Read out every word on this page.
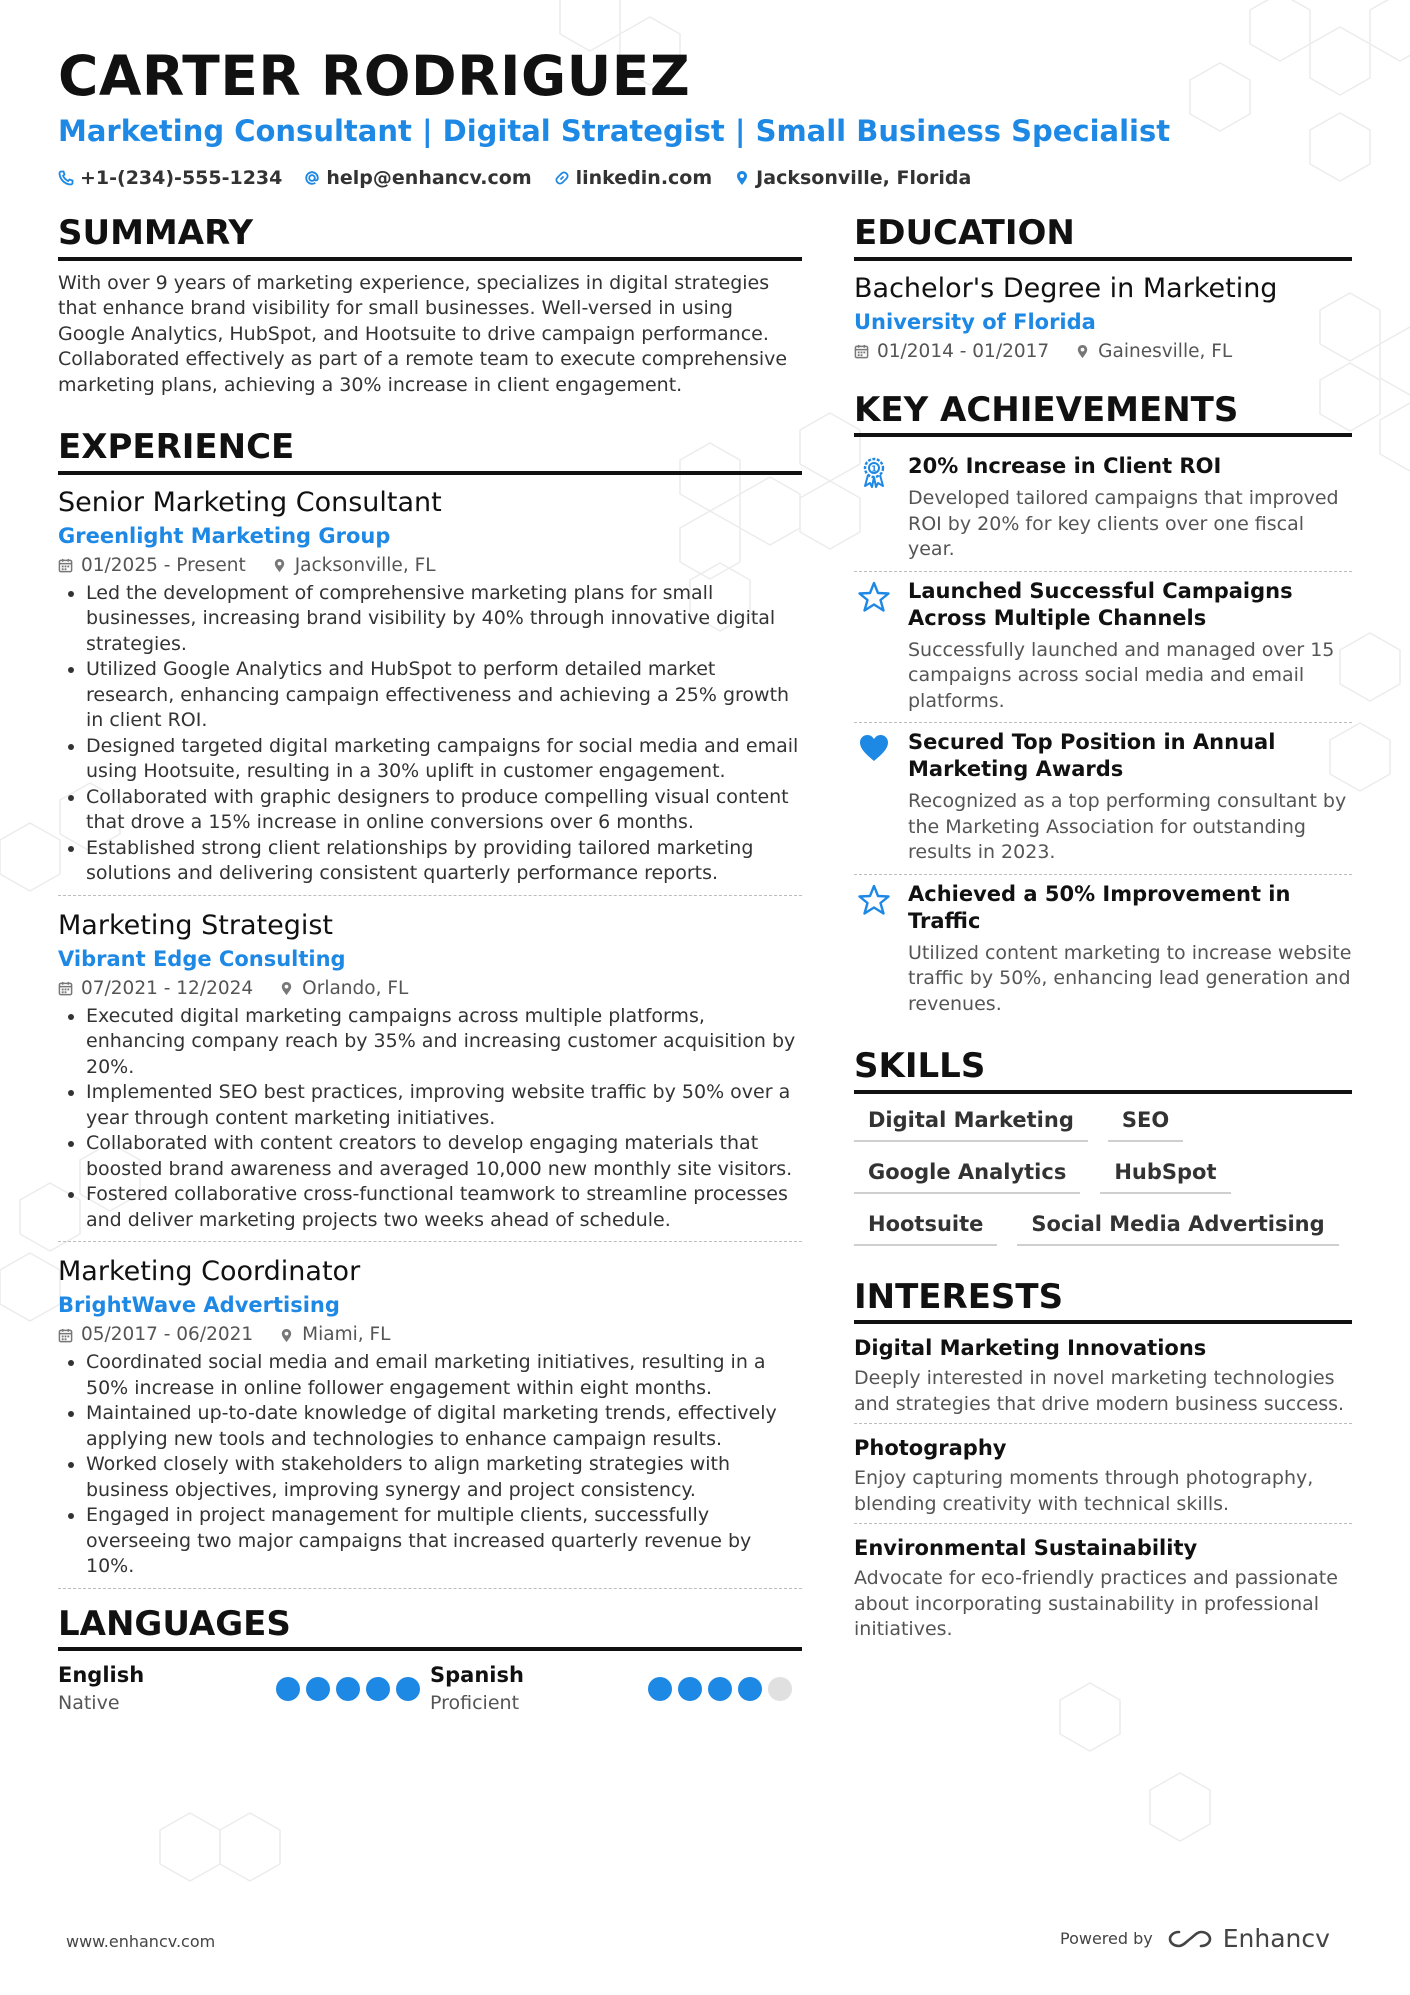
CARTER RODRIGUEZ
Marketing Consultant | Digital Strategist | Small Business Specialist
+1-(234)-555-1234 help@enhancv.com linkedin.com Jacksonville, Florida
SUMMARY
With over 9 years of marketing experience, specializes in digital strategies that enhance brand visibility for small businesses. Well-versed in using Google Analytics, HubSpot, and Hootsuite to drive campaign performance. Collaborated effectively as part of a remote team to execute comprehensive marketing plans, achieving a 30% increase in client engagement.
EXPERIENCE
Senior Marketing Consultant
Greenlight Marketing Group
01/2025 - Present	Jacksonville, FL
• Led the development of comprehensive marketing plans for small businesses, increasing brand visibility by 40% through innovative digital strategies.
• Utilized Google Analytics and HubSpot to perform detailed market research, enhancing campaign effectiveness and achieving a 25% growth in client ROI.
• Designed targeted digital marketing campaigns for social media and email using Hootsuite, resulting in a 30% uplift in customer engagement.
• Collaborated with graphic designers to produce compelling visual content that drove a 15% increase in online conversions over 6 months.
• Established strong client relationships by providing tailored marketing solutions and delivering consistent quarterly performance reports.
Marketing Strategist
Vibrant Edge Consulting
07/2021 - 12/2024	Orlando, FL
• Executed digital marketing campaigns across multiple platforms, enhancing company reach by 35% and increasing customer acquisition by 20%.
• Implemented SEO best practices, improving website traffic by 50% over a year through content marketing initiatives.
• Collaborated with content creators to develop engaging materials that boosted brand awareness and averaged 10,000 new monthly site visitors.
• Fostered collaborative cross-functional teamwork to streamline processes and deliver marketing projects two weeks ahead of schedule.
Marketing Coordinator
BrightWave Advertising
05/2017 - 06/2021	Miami, FL
• Coordinated social media and email marketing initiatives, resulting in a 50% increase in online follower engagement within eight months.
• Maintained up-to-date knowledge of digital marketing trends, effectively applying new tools and technologies to enhance campaign results.
• Worked closely with stakeholders to align marketing strategies with business objectives, improving synergy and project consistency.
• Engaged in project management for multiple clients, successfully overseeing two major campaigns that increased quarterly revenue by 10%.
LANGUAGES
English
Native
Spanish
Proficient
EDUCATION
Bachelor's Degree in Marketing
University of Florida
01/2014 - 01/2017	Gainesville, FL
KEY ACHIEVEMENTS
1 20% Increase in Client ROI
Developed tailored campaigns that improved ROI by 20% for key clients over one fiscal year.
Launched Successful Campaigns Across Multiple Channels
Successfully launched and managed over 15 campaigns across social media and email platforms.
Secured Top Position in Annual Marketing Awards
Recognized as a top performing consultant by the Marketing Association for outstanding results in 2023.
Achieved a 50% Improvement in Traffic
Utilized content marketing to increase website traffic by 50%, enhancing lead generation and revenues.
SKILLS
Digital Marketing	SEO
Google Analytics	HubSpot
Hootsuite	Social Media Advertising
INTERESTS
Digital Marketing Innovations
Deeply interested in novel marketing technologies and strategies that drive modern business success.
Photography
Enjoy capturing moments through photography, blending creativity with technical skills.
Environmental Sustainability
Advocate for eco-friendly practices and passionate about incorporating sustainability in professional initiatives.
www.enhancv.com	Powered by	Enhancv
